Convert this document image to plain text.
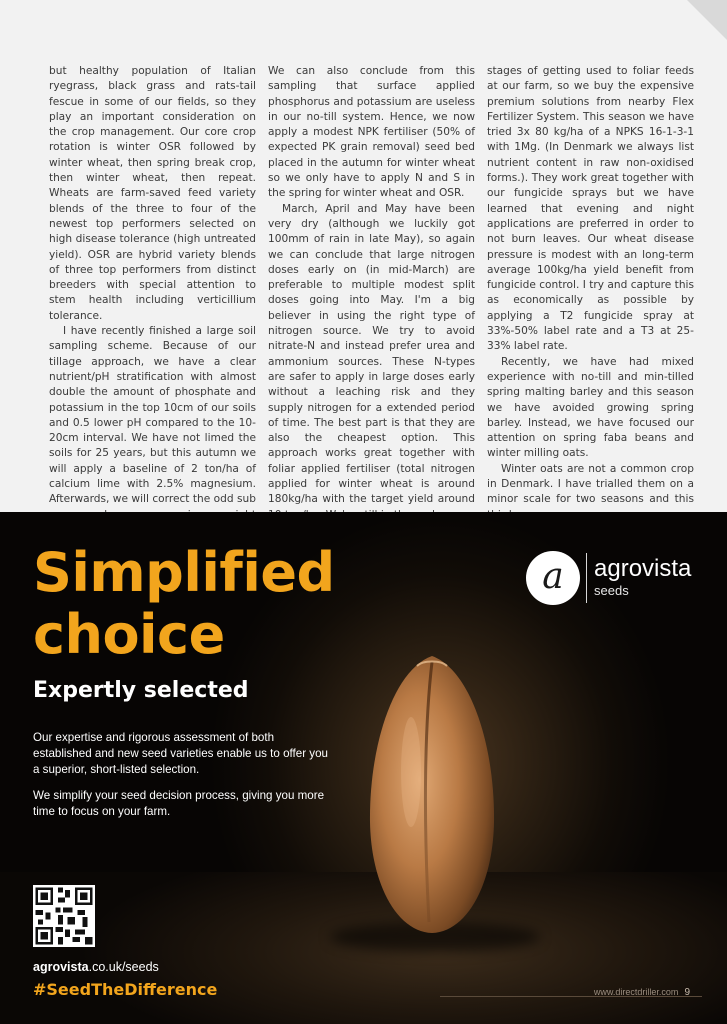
but healthy population of Italian ryegrass, black grass and rats-tail fescue in some of our fields, so they play an important consideration on the crop management. Our core crop rotation is winter OSR followed by winter wheat, then spring break crop, then winter wheat, then repeat. Wheats are farm-saved feed variety blends of the three to four of the newest top performers selected on high disease tolerance (high untreated yield). OSR are hybrid variety blends of three top performers from distinct breeders with special attention to stem health including verticillium tolerance.

I have recently finished a large soil sampling scheme. Because of our tillage approach, we have a clear nutrient/pH stratification with almost double the amount of phosphate and potassium in the top 10cm of our soils and 0.5 lower pH compared to the 10-20cm interval. We have not limed the soils for 25 years, but this autumn we will apply a baseline of 2 ton/ha of calcium lime with 2.5% magnesium. Afterwards, we will correct the odd sub

We can also conclude from this sampling that surface applied phosphorus and potassium are useless in our no-till system. Hence, we now apply a modest NPK fertiliser (50% of expected PK grain removal) seed bed placed in the autumn for winter wheat so we only have to apply N and S in the spring for winter wheat and OSR.

March, April and May have been very dry (although we luckily got 100mm of rain in late May), so again we can conclude that large nitrogen doses early on (in mid-March) are preferable to multiple modest split doses going into May. I'm a big believer in using the right type of nitrogen source. We try to avoid nitrate-N and instead prefer urea and ammonium sources. These N-types are safer to apply in large doses early without a leaching risk and they supply nitrogen for a extended period of time. The best part is that they are also the cheapest option. This approach works great together with foliar applied fertiliser (total nitrogen applied for winter wheat is around 180kg/ha with the target yield around

stages of getting used to foliar feeds at our farm, so we buy the expensive premium solutions from nearby Flex Fertilizer System. This season we have tried 3x 80 kg/ha of a NPKS 16-1-3-1 with 1Mg. (In Denmark we always list nutrient content in raw non-oxidised forms.). They work great together with our fungicide sprays but we have learned that evening and night applications are preferred in order to not burn leaves. Our wheat disease pressure is modest with an long-term average 100kg/ha yield benefit from fungicide control. I try and capture this as economically as possible by applying a T2 fungicide spray at 33%-50% label rate and a T3 at 25-33% label rate.

Recently, we have had mixed experience with no-till and min-tilled spring malting barley and this season we have avoided growing spring barley. Instead, we have focused our attention on spring faba beans and winter milling oats.

Winter oats are not a common crop in Denmark. I have trialled them on a minor scale for two seasons and this

Simplified
choice
Expertly selected

Our expertise and rigorous assessment of both established and new seed varieties enable us to offer you a superior, short-listed selection.

We simplify your seed decision process, giving you more time to focus on your farm.

a	agrovista
seeds

agrovista.co.uk/seeds

#SeedTheDifference	www.directdriller.com 9
